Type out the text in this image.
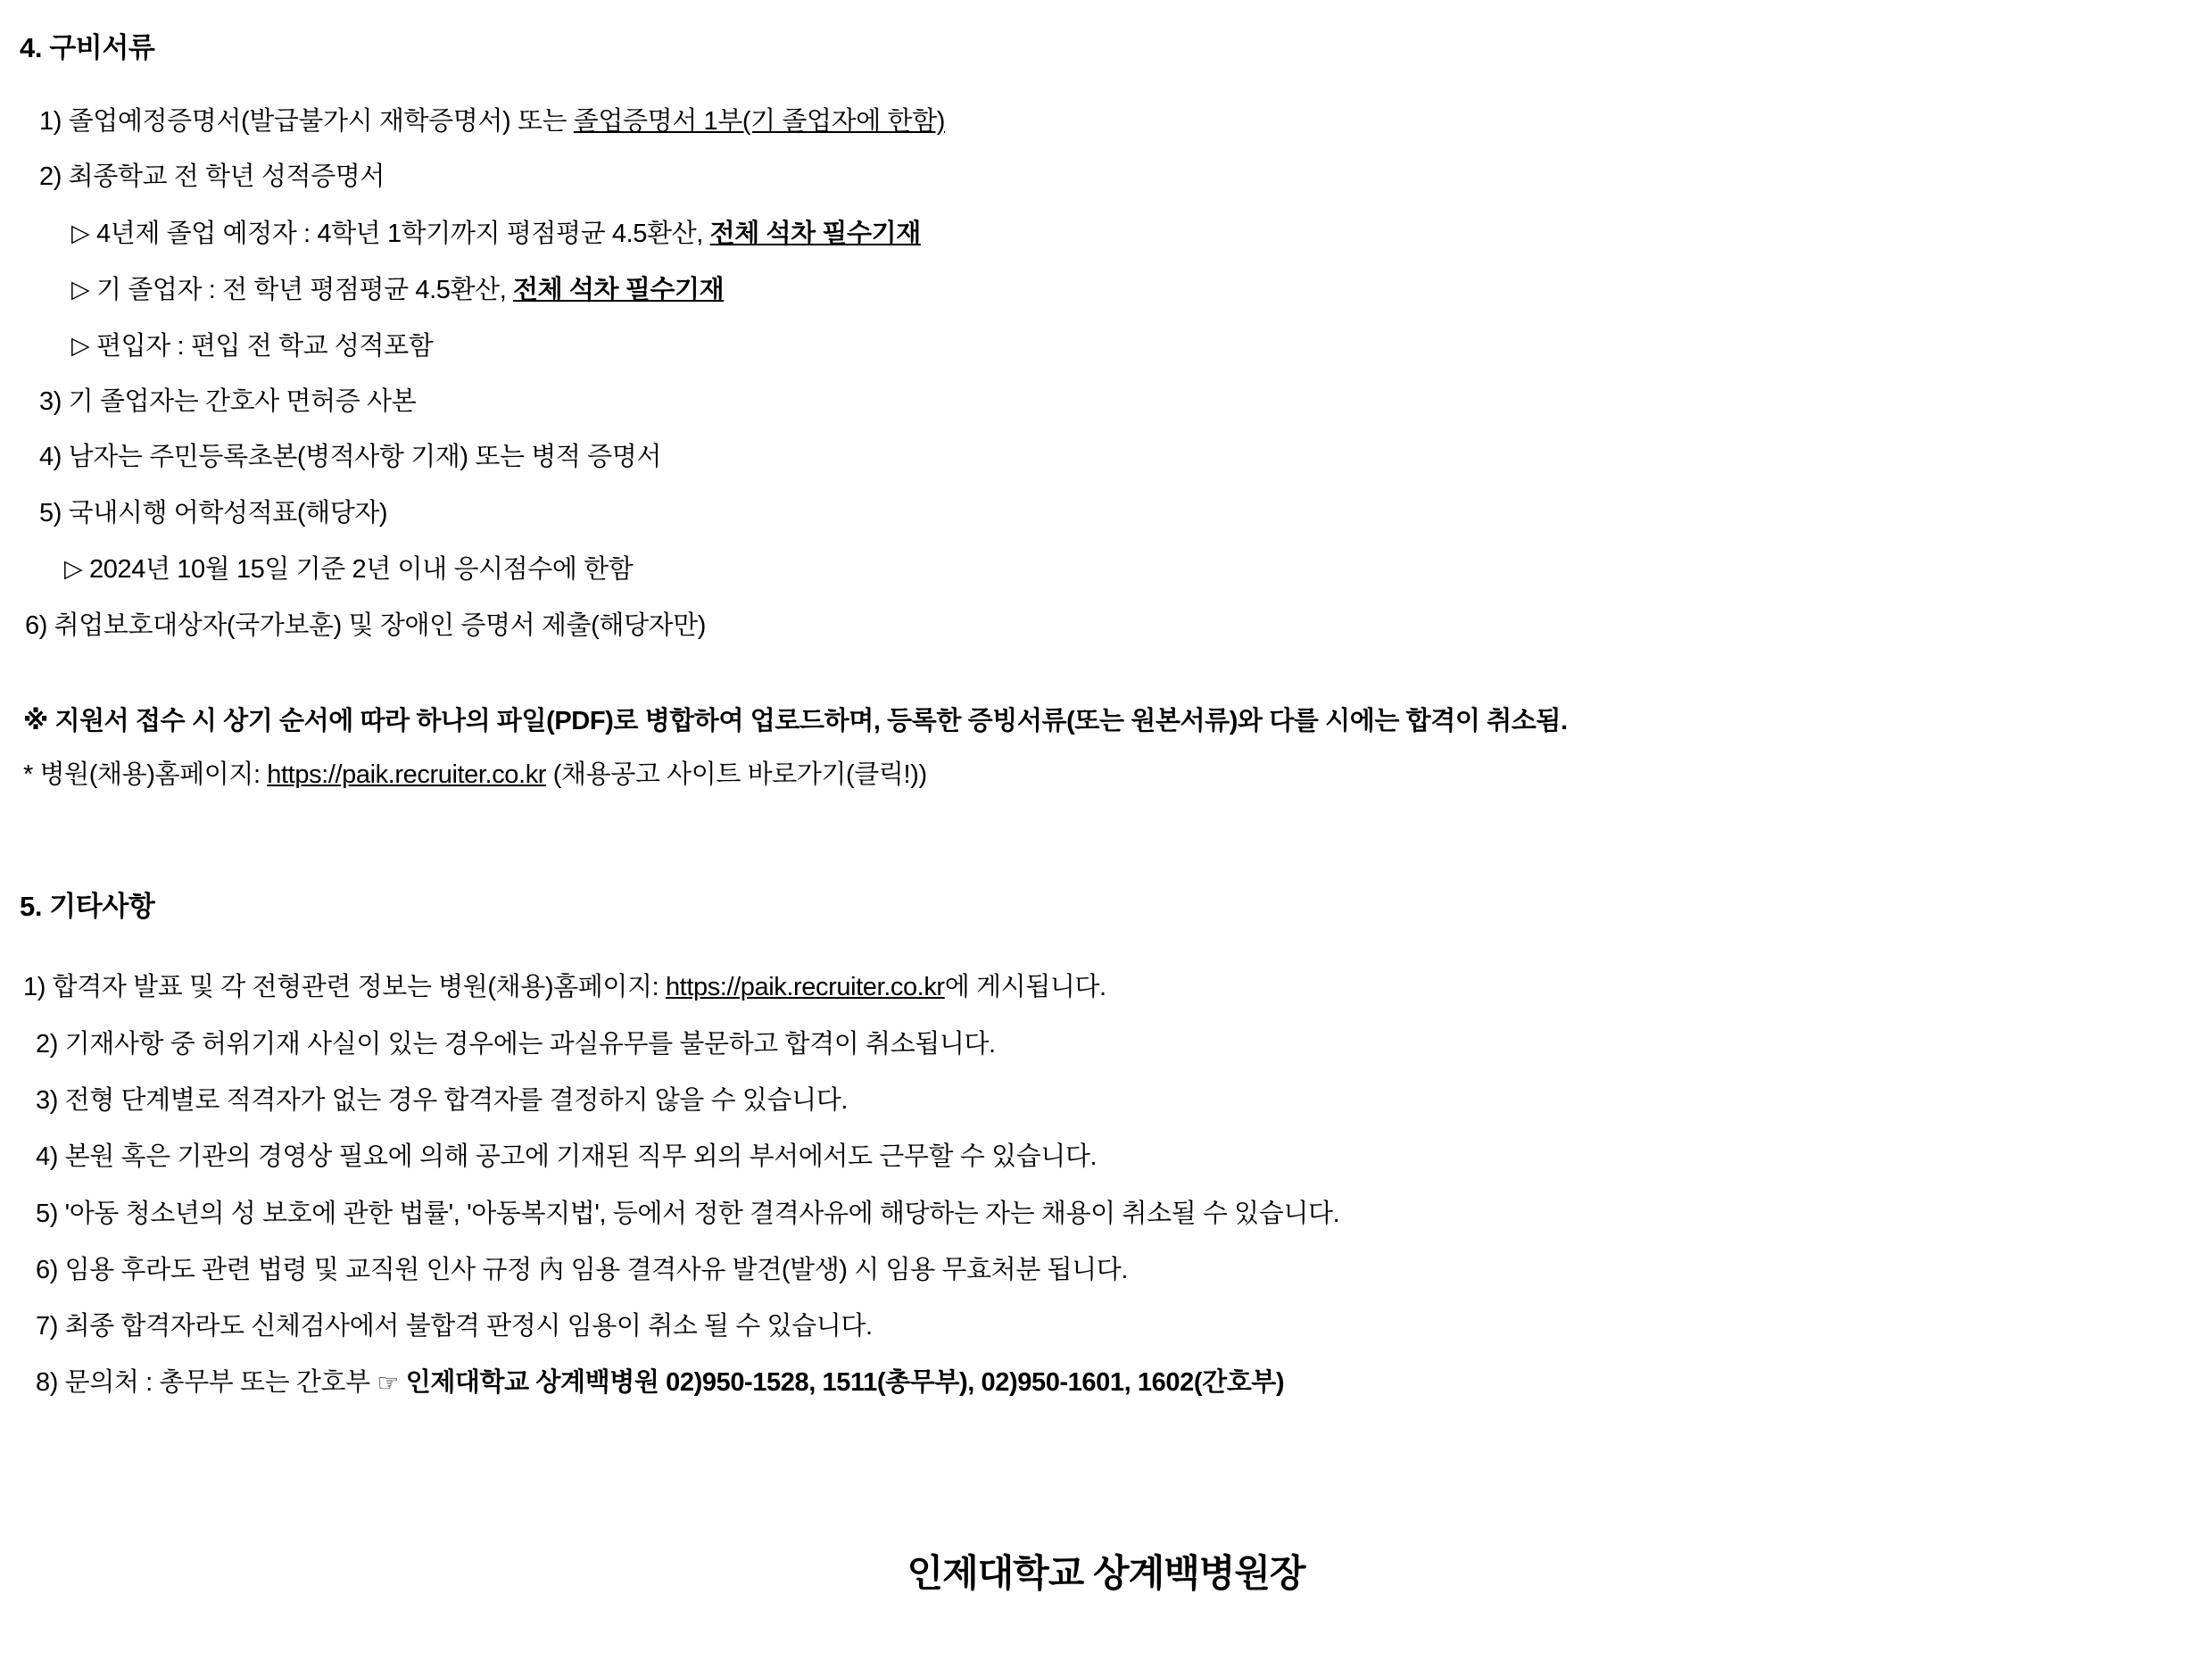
4. 구비서류
1) 졸업예정증명서(발급불가시 재학증명서) 또는 졸업증명서 1부(기 졸업자에 한함)
2) 최종학교 전 학년 성적증명서
▷ 4년제 졸업 예정자 : 4학년 1학기까지 평점평균 4.5환산, 전체 석차 필수기재
▷ 기 졸업자 : 전 학년 평점평균 4.5환산, 전체 석차 필수기재
▷ 편입자 : 편입 전 학교 성적포함
3) 기 졸업자는 간호사 면허증 사본
4) 남자는 주민등록초본(병적사항 기재) 또는 병적 증명서
5) 국내시행 어학성적표(해당자)
▷ 2024년 10월 15일 기준 2년 이내 응시점수에 한함
6) 취업보호대상자(국가보훈) 및 장애인 증명서 제출(해당자만)
※ 지원서 접수 시 상기 순서에 따라 하나의 파일(PDF)로 병합하여 업로드하며, 등록한 증빙서류(또는 원본서류)와 다를 시에는 합격이 취소됨.
* 병원(채용)홈페이지: https://paik.recruiter.co.kr (채용공고 사이트 바로가기(클릭!))
5. 기타사항
1) 합격자 발표 및 각 전형관련 정보는 병원(채용)홈페이지: https://paik.recruiter.co.kr에 게시됩니다.
2) 기재사항 중 허위기재 사실이 있는 경우에는 과실유무를 불문하고 합격이 취소됩니다.
3) 전형 단계별로 적격자가 없는 경우 합격자를 결정하지 않을 수 있습니다.
4) 본원 혹은 기관의 경영상 필요에 의해 공고에 기재된 직무 외의 부서에서도 근무할 수 있습니다.
5) '아동 청소년의 성 보호에 관한 법률', '아동복지법', 등에서 정한 결격사유에 해당하는 자는 채용이 취소될 수 있습니다.
6) 임용 후라도 관련 법령 및 교직원 인사 규정 內 임용 결격사유 발견(발생) 시 임용 무효처분 됩니다.
7) 최종 합격자라도 신체검사에서 불합격 판정시 임용이 취소 될 수 있습니다.
8) 문의처 : 총무부 또는 간호부 ☞ 인제대학교 상계백병원 02)950-1528, 1511(총무부), 02)950-1601, 1602(간호부)
인제대학교 상계백병원장
